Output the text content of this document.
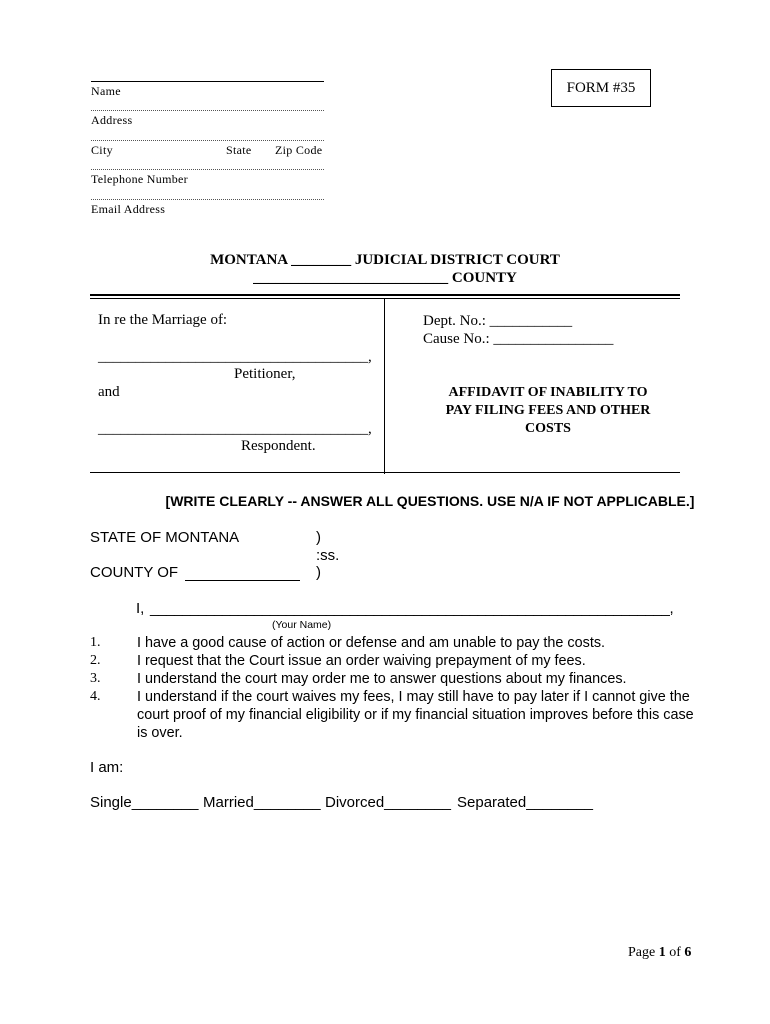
Name
Address
City	State Zip Code
Telephone Number
Email Address
FORM #35
MONTANA ________ JUDICIAL DISTRICT COURT
__________________________ COUNTY
In re the Marriage of:
____________________________________,
Petitioner,
and
____________________________________,
Respondent.
Dept. No.: ___________
Cause No.: ________________
AFFIDAVIT OF INABILITY TO
PAY FILING FEES AND OTHER
COSTS
[WRITE CLEARLY -- ANSWER ALL QUESTIONS. USE N/A IF NOT APPLICABLE.]
STATE OF MONTANA	)
:ss.
COUNTY OF	)
I, _________________________________________________________________,
(Your Name)
1.	I have a good cause of action or defense and am unable to pay the costs.
2.	I request that the Court issue an order waiving prepayment of my fees.
3.	I understand the court may order me to answer questions about my finances.
4.	I understand if the court waives my fees, I may still have to pay later if I cannot give the court proof of my financial eligibility or if my financial situation improves before this case is over.
I am:
Single________ Married________ Divorced________ Separated________
Page 1 of 6
